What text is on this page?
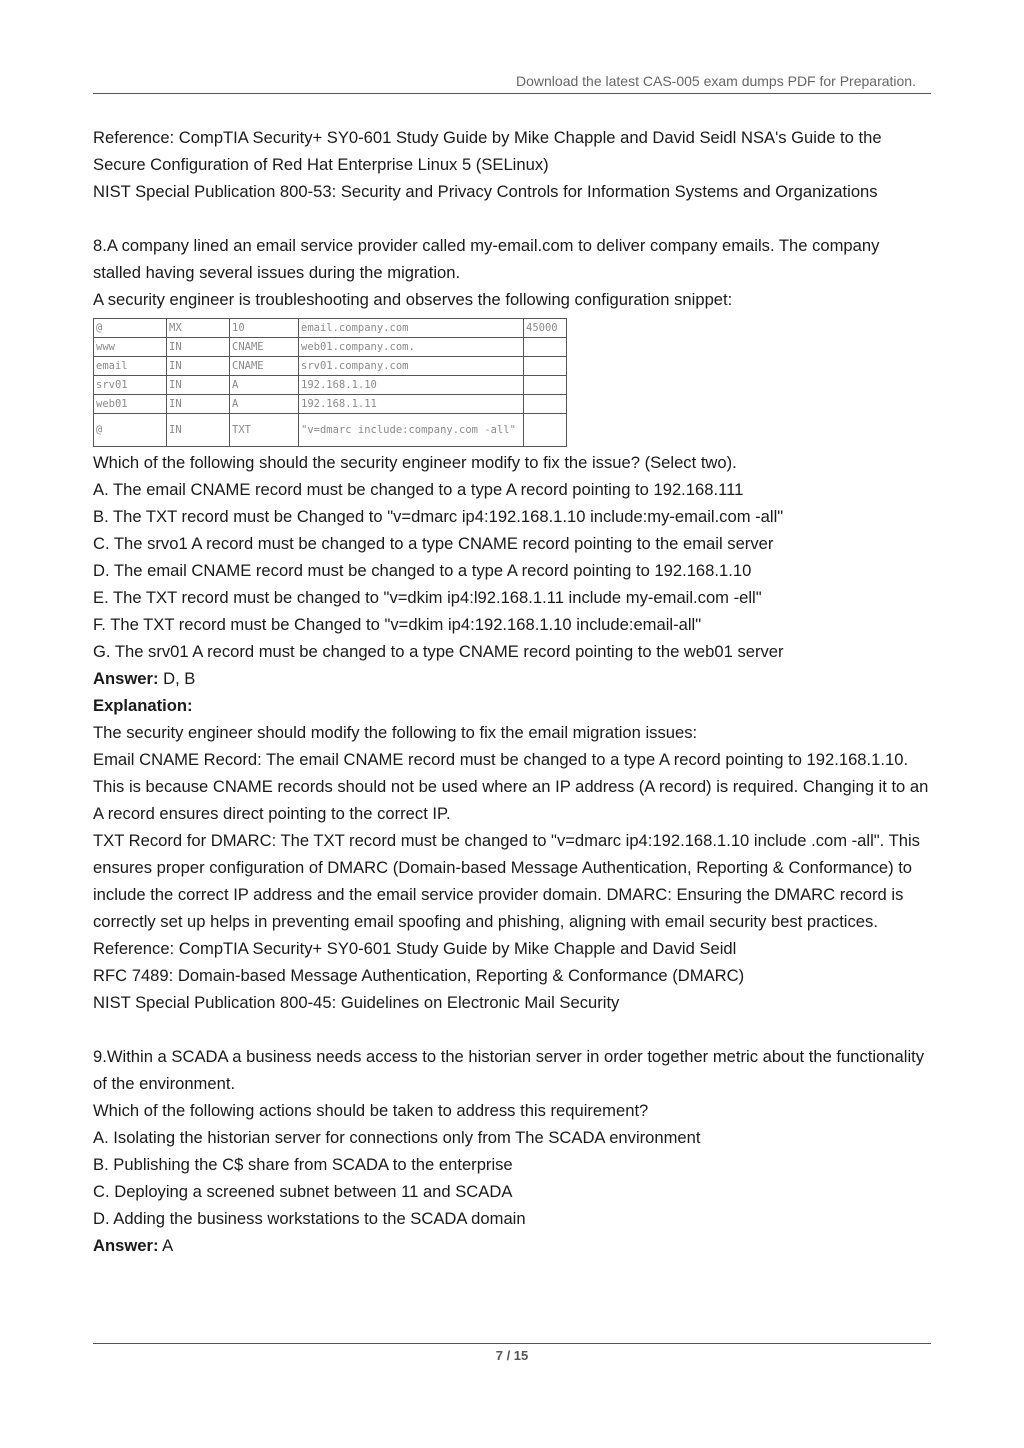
Download the latest CAS-005 exam dumps PDF for Preparation.

Reference: CompTIA Security+ SY0-601 Study Guide by Mike Chapple and David Seidl NSA's Guide to the Secure Configuration of Red Hat Enterprise Linux 5 (SELinux)

NIST Special Publication 800-53: Security and Privacy Controls for Information Systems and Organizations

8.A company lined an email service provider called my-email.com to deliver company emails. The company stalled having several issues during the migration.

A security engineer is troubleshooting and observes the following configuration snippet:

@	MX	10	email.company.com	45000
www	IN	CNAME	web01.company.com.	
email	IN	CNAME	srv01.company.com	
srv01	IN	A	192.168.1.10	
web01	IN	A	192.168.1.11	
@	IN	TXT	"v=dmarc include:company.com -all"	

Which of the following should the security engineer modify to fix the issue? (Select two).

A. The email CNAME record must be changed to a type A record pointing to 192.168.111

B. The TXT record must be Changed to "v=dmarc ip4:192.168.1.10 include:my-email.com -all"

C. The srvo1 A record must be changed to a type CNAME record pointing to the email server

D. The email CNAME record must be changed to a type A record pointing to 192.168.1.10

E. The TXT record must be changed to "v=dkim ip4:l92.168.1.11 include my-email.com -ell"

F. The TXT record must be Changed to "v=dkim ip4:192.168.1.10 include:email-all"

G. The srv01 A record must be changed to a type CNAME record pointing to the web01 server

Answer: D, B

Explanation:

The security engineer should modify the following to fix the email migration issues:

Email CNAME Record: The email CNAME record must be changed to a type A record pointing to 192.168.1.10. This is because CNAME records should not be used where an IP address (A record) is required. Changing it to an A record ensures direct pointing to the correct IP.

TXT Record for DMARC: The TXT record must be changed to "v=dmarc ip4:192.168.1.10 include .com -all". This ensures proper configuration of DMARC (Domain-based Message Authentication, Reporting & Conformance) to include the correct IP address and the email service provider domain. DMARC: Ensuring the DMARC record is correctly set up helps in preventing email spoofing and phishing, aligning with email security best practices.

Reference: CompTIA Security+ SY0-601 Study Guide by Mike Chapple and David Seidl

RFC 7489: Domain-based Message Authentication, Reporting & Conformance (DMARC)

NIST Special Publication 800-45: Guidelines on Electronic Mail Security

9.Within a SCADA a business needs access to the historian server in order together metric about the functionality of the environment.

Which of the following actions should be taken to address this requirement?

A. Isolating the historian server for connections only from The SCADA environment

B. Publishing the C$ share from SCADA to the enterprise

C. Deploying a screened subnet between 11 and SCADA

D. Adding the business workstations to the SCADA domain

Answer: A

7 / 15
